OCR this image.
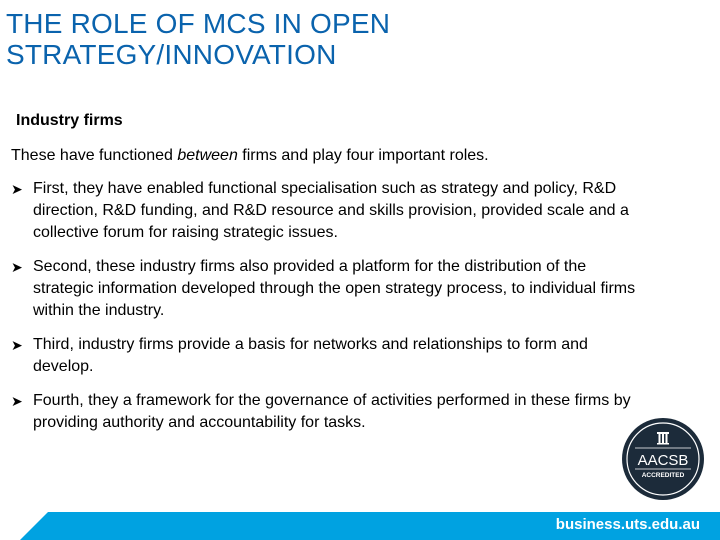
THE ROLE OF MCS IN OPEN STRATEGY/INNOVATION
Industry firms
These have functioned between firms and play four important roles.
➤ First, they have enabled functional specialisation such as strategy and policy, R&D direction, R&D funding, and R&D resource and skills provision, provided scale and a collective forum for raising strategic issues.
➤ Second, these industry firms also provided a platform for the distribution of the strategic information developed through the open strategy process, to individual firms within the industry.
➤ Third, industry firms provide a basis for networks and relationships to form and develop.
➤ Fourth, they a framework for the governance of activities performed in these firms by providing authority and accountability for tasks.
AACSB
ACCREDITED
business.uts.edu.au
